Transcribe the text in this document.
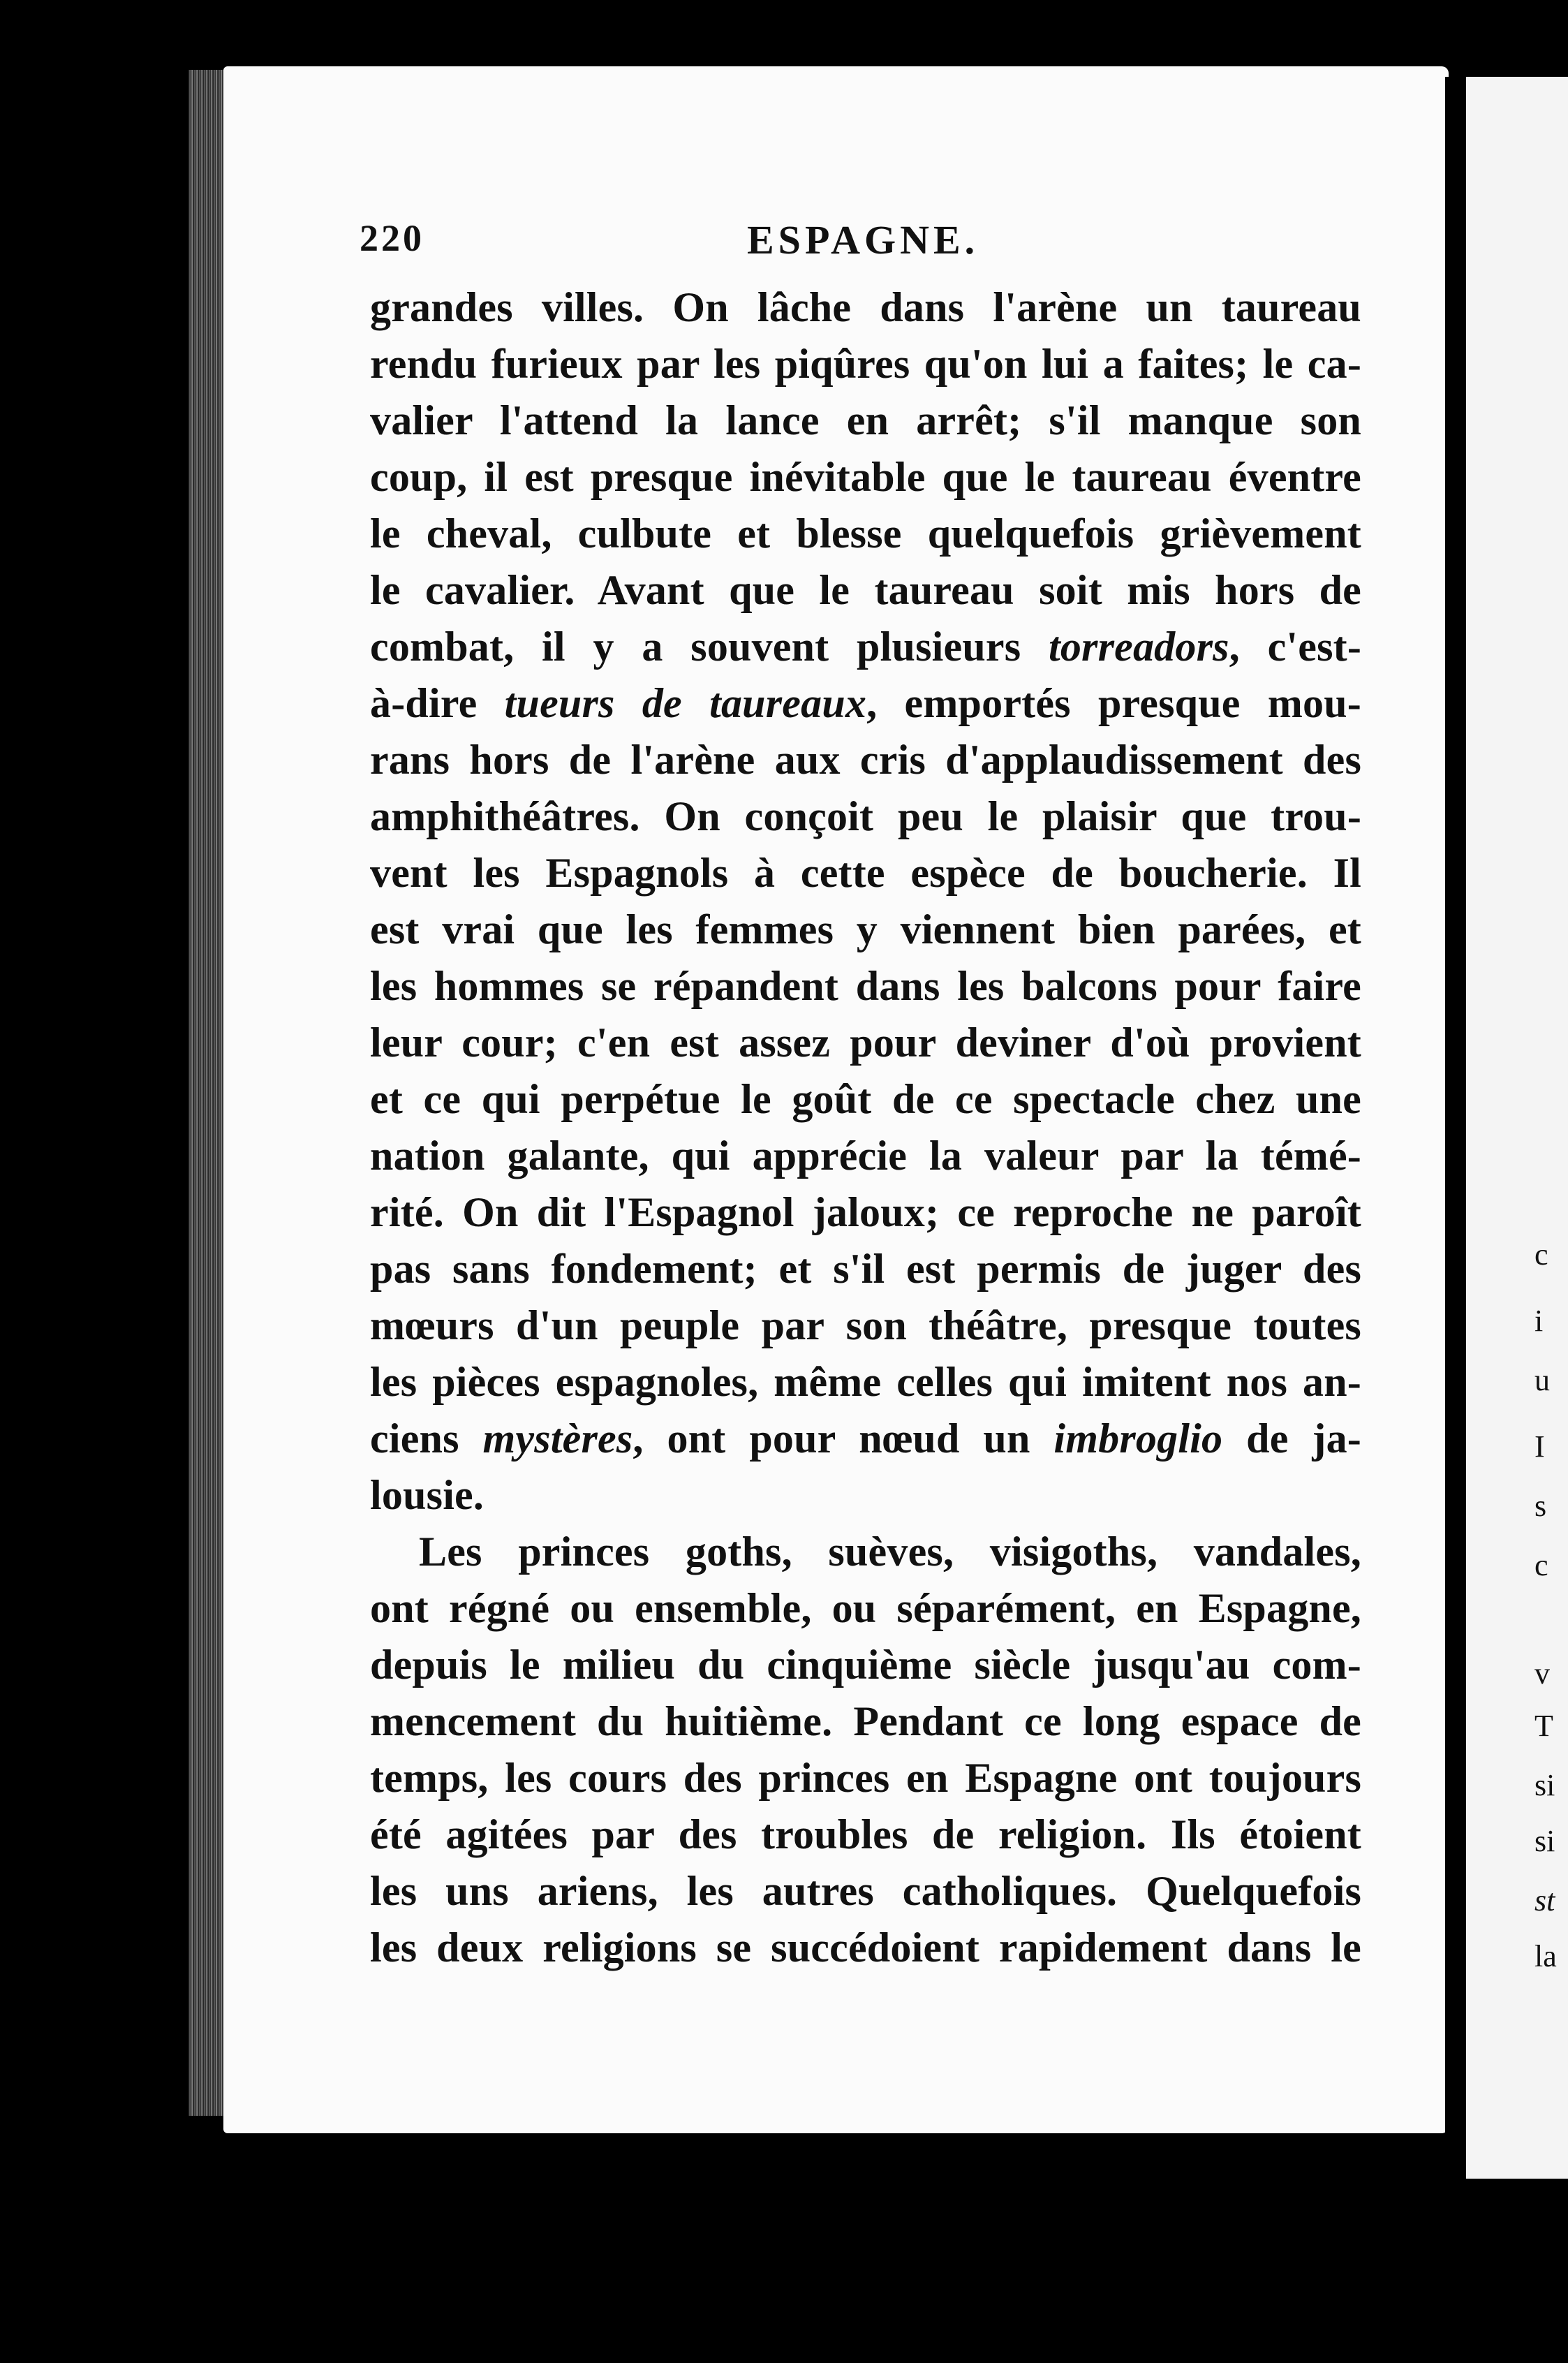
c
i
u
I
s
c
v
T
si
si
st
la
220	ESPAGNE.
grandes villes. On lâche dans l'arène un taureau
rendu furieux par les piqûres qu'on lui a faites; le ca-
valier l'attend la lance en arrêt; s'il manque son
coup, il est presque inévitable que le taureau éventre
le cheval, culbute et blesse quelquefois grièvement
le cavalier. Avant que le taureau soit mis hors de
combat, il y a souvent plusieurs torreadors, c'est-
à-dire tueurs de taureaux, emportés presque mou-
rans hors de l'arène aux cris d'applaudissement des
amphithéâtres. On conçoit peu le plaisir que trou-
vent les Espagnols à cette espèce de boucherie. Il
est vrai que les femmes y viennent bien parées, et
les hommes se répandent dans les balcons pour faire
leur cour; c'en est assez pour deviner d'où provient
et ce qui perpétue le goût de ce spectacle chez une
nation galante, qui apprécie la valeur par la témé-
rité. On dit l'Espagnol jaloux; ce reproche ne paroît
pas sans fondement; et s'il est permis de juger des
mœurs d'un peuple par son théâtre, presque toutes
les pièces espagnoles, même celles qui imitent nos an-
ciens mystères, ont pour nœud un imbroglio de ja-
lousie.
Les princes goths, suèves, visigoths, vandales,
ont régné ou ensemble, ou séparément, en Espagne,
depuis le milieu du cinquième siècle jusqu'au com-
mencement du huitième. Pendant ce long espace de
temps, les cours des princes en Espagne ont toujours
été agitées par des troubles de religion. Ils étoient
les uns ariens, les autres catholiques. Quelquefois
les deux religions se succédoient rapidement dans le
